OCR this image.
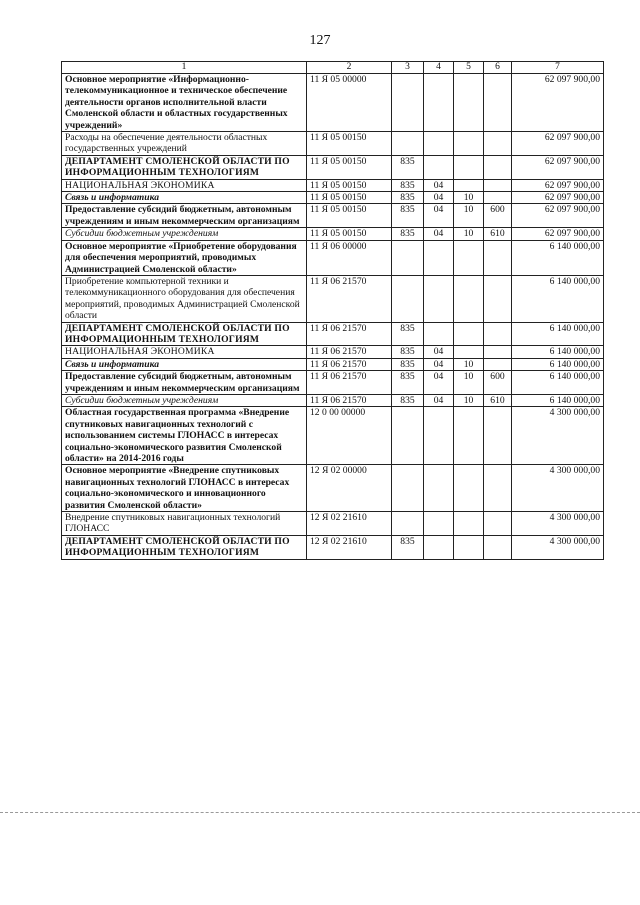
127
1	2	3	4	5	6	7
Основное мероприятие «Информационно-телекоммуникационное и техническое обеспечение деятельности органов исполнительной власти Смоленской области и областных государственных учреждений»	11 Я 05 00000					62 097 900,00
Расходы на обеспечение деятельности областных государственных учреждений	11 Я 05 00150					62 097 900,00
ДЕПАРТАМЕНТ СМОЛЕНСКОЙ ОБЛАСТИ ПО ИНФОРМАЦИОННЫМ ТЕХНОЛОГИЯМ	11 Я 05 00150	835				62 097 900,00
НАЦИОНАЛЬНАЯ ЭКОНОМИКА	11 Я 05 00150	835	04			62 097 900,00
Связь и информатика	11 Я 05 00150	835	04	10		62 097 900,00
Предоставление субсидий бюджетным, автономным учреждениям и иным некоммерческим организациям	11 Я 05 00150	835	04	10	600	62 097 900,00
Субсидии бюджетным учреждениям	11 Я 05 00150	835	04	10	610	62 097 900,00
Основное мероприятие «Приобретение оборудования для обеспечения мероприятий, проводимых Администрацией Смоленской области»	11 Я 06 00000					6 140 000,00
Приобретение компьютерной техники и телекоммуникационного оборудования для обеспечения мероприятий, проводимых Администрацией Смоленской области	11 Я 06 21570					6 140 000,00
ДЕПАРТАМЕНТ СМОЛЕНСКОЙ ОБЛАСТИ ПО ИНФОРМАЦИОННЫМ ТЕХНОЛОГИЯМ	11 Я 06 21570	835				6 140 000,00
НАЦИОНАЛЬНАЯ ЭКОНОМИКА	11 Я 06 21570	835	04			6 140 000,00
Связь и информатика	11 Я 06 21570	835	04	10		6 140 000,00
Предоставление субсидий бюджетным, автономным учреждениям и иным некоммерческим организациям	11 Я 06 21570	835	04	10	600	6 140 000,00
Субсидии бюджетным учреждениям	11 Я 06 21570	835	04	10	610	6 140 000,00
Областная государственная программа «Внедрение спутниковых навигационных технологий с использованием системы ГЛОНАСС в интересах социально-экономического развития Смоленской области» на 2014-2016 годы	12 0 00 00000					4 300 000,00
Основное мероприятие «Внедрение спутниковых навигационных технологий ГЛОНАСС в интересах социально-экономического и инновационного развития Смоленской области»	12 Я 02 00000					4 300 000,00
Внедрение спутниковых навигационных технологий ГЛОНАСС	12 Я 02 21610					4 300 000,00
ДЕПАРТАМЕНТ СМОЛЕНСКОЙ ОБЛАСТИ ПО ИНФОРМАЦИОННЫМ ТЕХНОЛОГИЯМ	12 Я 02 21610	835				4 300 000,00
